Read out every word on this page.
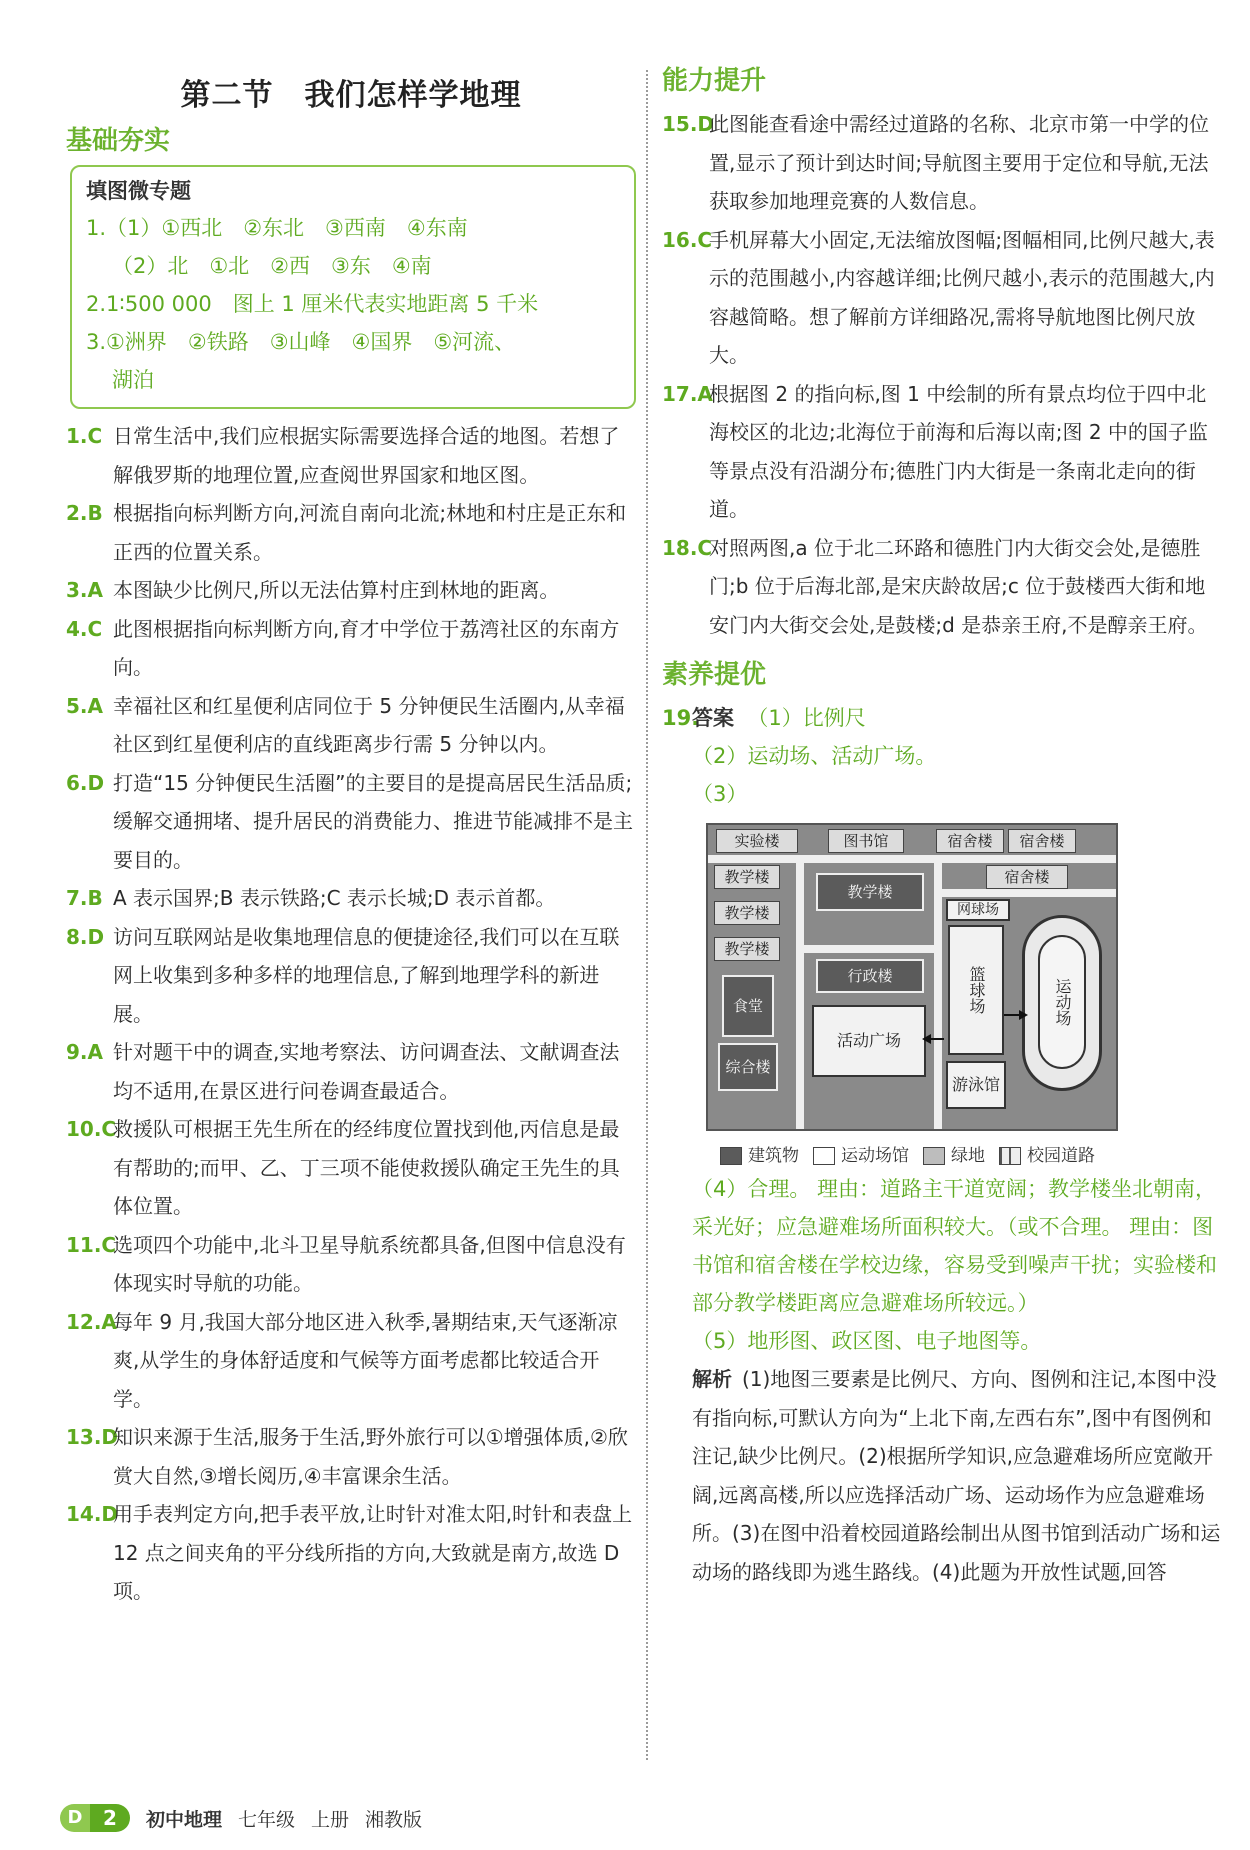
第二节　我们怎样学地理
基础夯实
填图微专题
1.（1）①西北　②东北　③西南　④东南
（2）北　①北　②西　③东　④南
2.1∶500 000　图上 1 厘米代表实地距离 5 千米
3.①洲界　②铁路　③山峰　④国界　⑤河流、
湖泊
1.C 日常生活中,我们应根据实际需要选择合适的地图。若想了解俄罗斯的地理位置,应查阅世界国家和地区图。
2.B 根据指向标判断方向,河流自南向北流;林地和村庄是正东和正西的位置关系。
3.A 本图缺少比例尺,所以无法估算村庄到林地的距离。
4.C 此图根据指向标判断方向,育才中学位于荔湾社区的东南方向。
5.A 幸福社区和红星便利店同位于 5 分钟便民生活圈内,从幸福社区到红星便利店的直线距离步行需 5 分钟以内。
6.D 打造“15 分钟便民生活圈”的主要目的是提高居民生活品质;缓解交通拥堵、提升居民的消费能力、推进节能减排不是主要目的。
7.B A 表示国界;B 表示铁路;C 表示长城;D 表示首都。
8.D 访问互联网站是收集地理信息的便捷途径,我们可以在互联网上收集到多种多样的地理信息,了解到地理学科的新进展。
9.A 针对题干中的调查,实地考察法、访问调查法、文献调查法均不适用,在景区进行问卷调查最适合。
10.C救援队可根据王先生所在的经纬度位置找到他,丙信息是最有帮助的;而甲、乙、丁三项不能使救援队确定王先生的具体位置。
11.C选项四个功能中,北斗卫星导航系统都具备,但图中信息没有体现实时导航的功能。
12.A每年 9 月,我国大部分地区进入秋季,暑期结束,天气逐渐凉爽,从学生的身体舒适度和气候等方面考虑都比较适合开学。
13.D知识来源于生活,服务于生活,野外旅行可以①增强体质,②欣赏大自然,③增长阅历,④丰富课余生活。
14.D用手表判定方向,把手表平放,让时针对准太阳,时针和表盘上 12 点之间夹角的平分线所指的方向,大致就是南方,故选 D 项。
能力提升
15.D此图能查看途中需经过道路的名称、北京市第一中学的位置,显示了预计到达时间;导航图主要用于定位和导航,无法获取参加地理竞赛的人数信息。
16.C手机屏幕大小固定,无法缩放图幅;图幅相同,比例尺越大,表示的范围越小,内容越详细;比例尺越小,表示的范围越大,内容越简略。想了解前方详细路况,需将导航地图比例尺放大。
17.A根据图 2 的指向标,图 1 中绘制的所有景点均位于四中北海校区的北边;北海位于前海和后海以南;图 2 中的国子监等景点没有沿湖分布;德胜门内大街是一条南北走向的街道。
18.C对照两图,a 位于北二环路和德胜门内大街交会处,是德胜门;b 位于后海北部,是宋庆龄故居;c 位于鼓楼西大街和地安门内大街交会处,是鼓楼;d 是恭亲王府,不是醇亲王府。
素养提优
19.答案 （1）比例尺
（2）运动场、活动广场。
（3）
实验楼	图书馆	宿舍楼	宿舍楼
教学楼
教学楼
教学楼
食堂
综合楼
教学楼
行政楼
活动广场
宿舍楼
网球场
篮球场
游泳馆
运动场
建筑物	运动场馆	绿地	校园道路
（4）合理。 理由：道路主干道宽阔；教学楼坐北朝南，采光好；应急避难场所面积较大。（或不合理。 理由：图书馆和宿舍楼在学校边缘，容易受到噪声干扰；实验楼和部分教学楼距离应急避难场所较远。）
（5）地形图、政区图、电子地图等。
解析 (1)地图三要素是比例尺、方向、图例和注记,本图中没有指向标,可默认方向为“上北下南,左西右东”,图中有图例和注记,缺少比例尺。(2)根据所学知识,应急避难场所应宽敞开阔,远离高楼,所以应选择活动广场、运动场作为应急避难场所。(3)在图中沿着校园道路绘制出从图书馆到活动广场和运动场的路线即为逃生路线。(4)此题为开放性试题,回答
D	2	初中地理 七年级 上册 湘教版
